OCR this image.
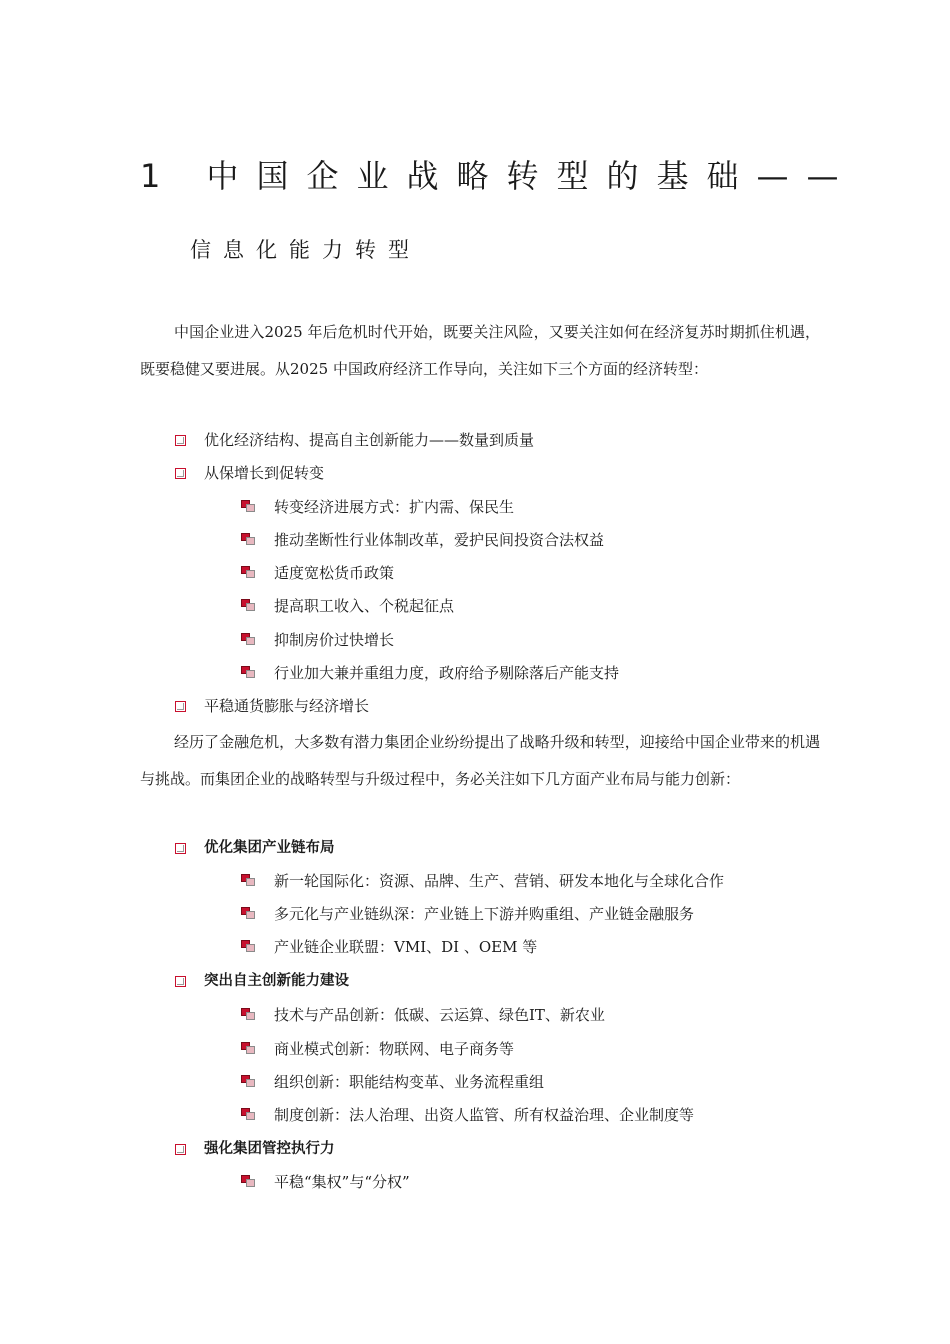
1 中国企业战略转型的基础——
信息化能力转型
中国企业进入2025 年后危机时代开始，既要关注风险，又要关注如何在经济复苏时期抓住机遇，既要稳健又要进展。从2025 中国政府经济工作导向，关注如下三个方面的经济转型：
优化经济结构、提高自主创新能力——数量到质量
从保增长到促转变
转变经济进展方式：扩内需、保民生
推动垄断性行业体制改革，爱护民间投资合法权益
适度宽松货币政策
提高职工收入、个税起征点
抑制房价过快增长
行业加大兼并重组力度，政府给予剔除落后产能支持
平稳通货膨胀与经济增长
经历了金融危机，大多数有潜力集团企业纷纷提出了战略升级和转型，迎接给中国企业带来的机遇与挑战。而集团企业的战略转型与升级过程中，务必关注如下几方面产业布局与能力创新：
优化集团产业链布局
新一轮国际化：资源、品牌、生产、营销、研发本地化与全球化合作
多元化与产业链纵深：产业链上下游并购重组、产业链金融服务
产业链企业联盟：VMI、DI 、OEM 等
突出自主创新能力建设
技术与产品创新：低碳、云运算、绿色IT、新农业
商业模式创新：物联网、电子商务等
组织创新：职能结构变革、业务流程重组
制度创新：法人治理、出资人监管、所有权益治理、企业制度等
强化集团管控执行力
平稳“集权”与“分权”
